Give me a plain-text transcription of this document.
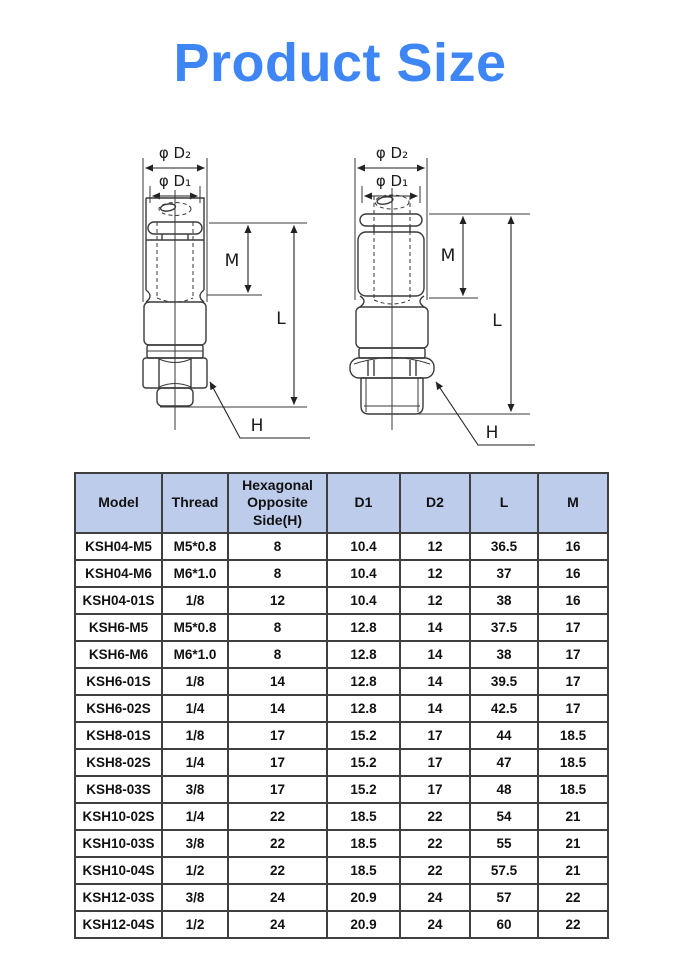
Product Size
φ D₂
φ D₁
M
L
H
φ D₂
φ D₁
M
L
H
Model	Thread	Hexagonal Opposite Side(H)	D1	D2	L	M
KSH04-M5	M5*0.8	8	10.4	12	36.5	16
KSH04-M6	M6*1.0	8	10.4	12	37	16
KSH04-01S	1/8	12	10.4	12	38	16
KSH6-M5	M5*0.8	8	12.8	14	37.5	17
KSH6-M6	M6*1.0	8	12.8	14	38	17
KSH6-01S	1/8	14	12.8	14	39.5	17
KSH6-02S	1/4	14	12.8	14	42.5	17
KSH8-01S	1/8	17	15.2	17	44	18.5
KSH8-02S	1/4	17	15.2	17	47	18.5
KSH8-03S	3/8	17	15.2	17	48	18.5
KSH10-02S	1/4	22	18.5	22	54	21
KSH10-03S	3/8	22	18.5	22	55	21
KSH10-04S	1/2	22	18.5	22	57.5	21
KSH12-03S	3/8	24	20.9	24	57	22
KSH12-04S	1/2	24	20.9	24	60	22
